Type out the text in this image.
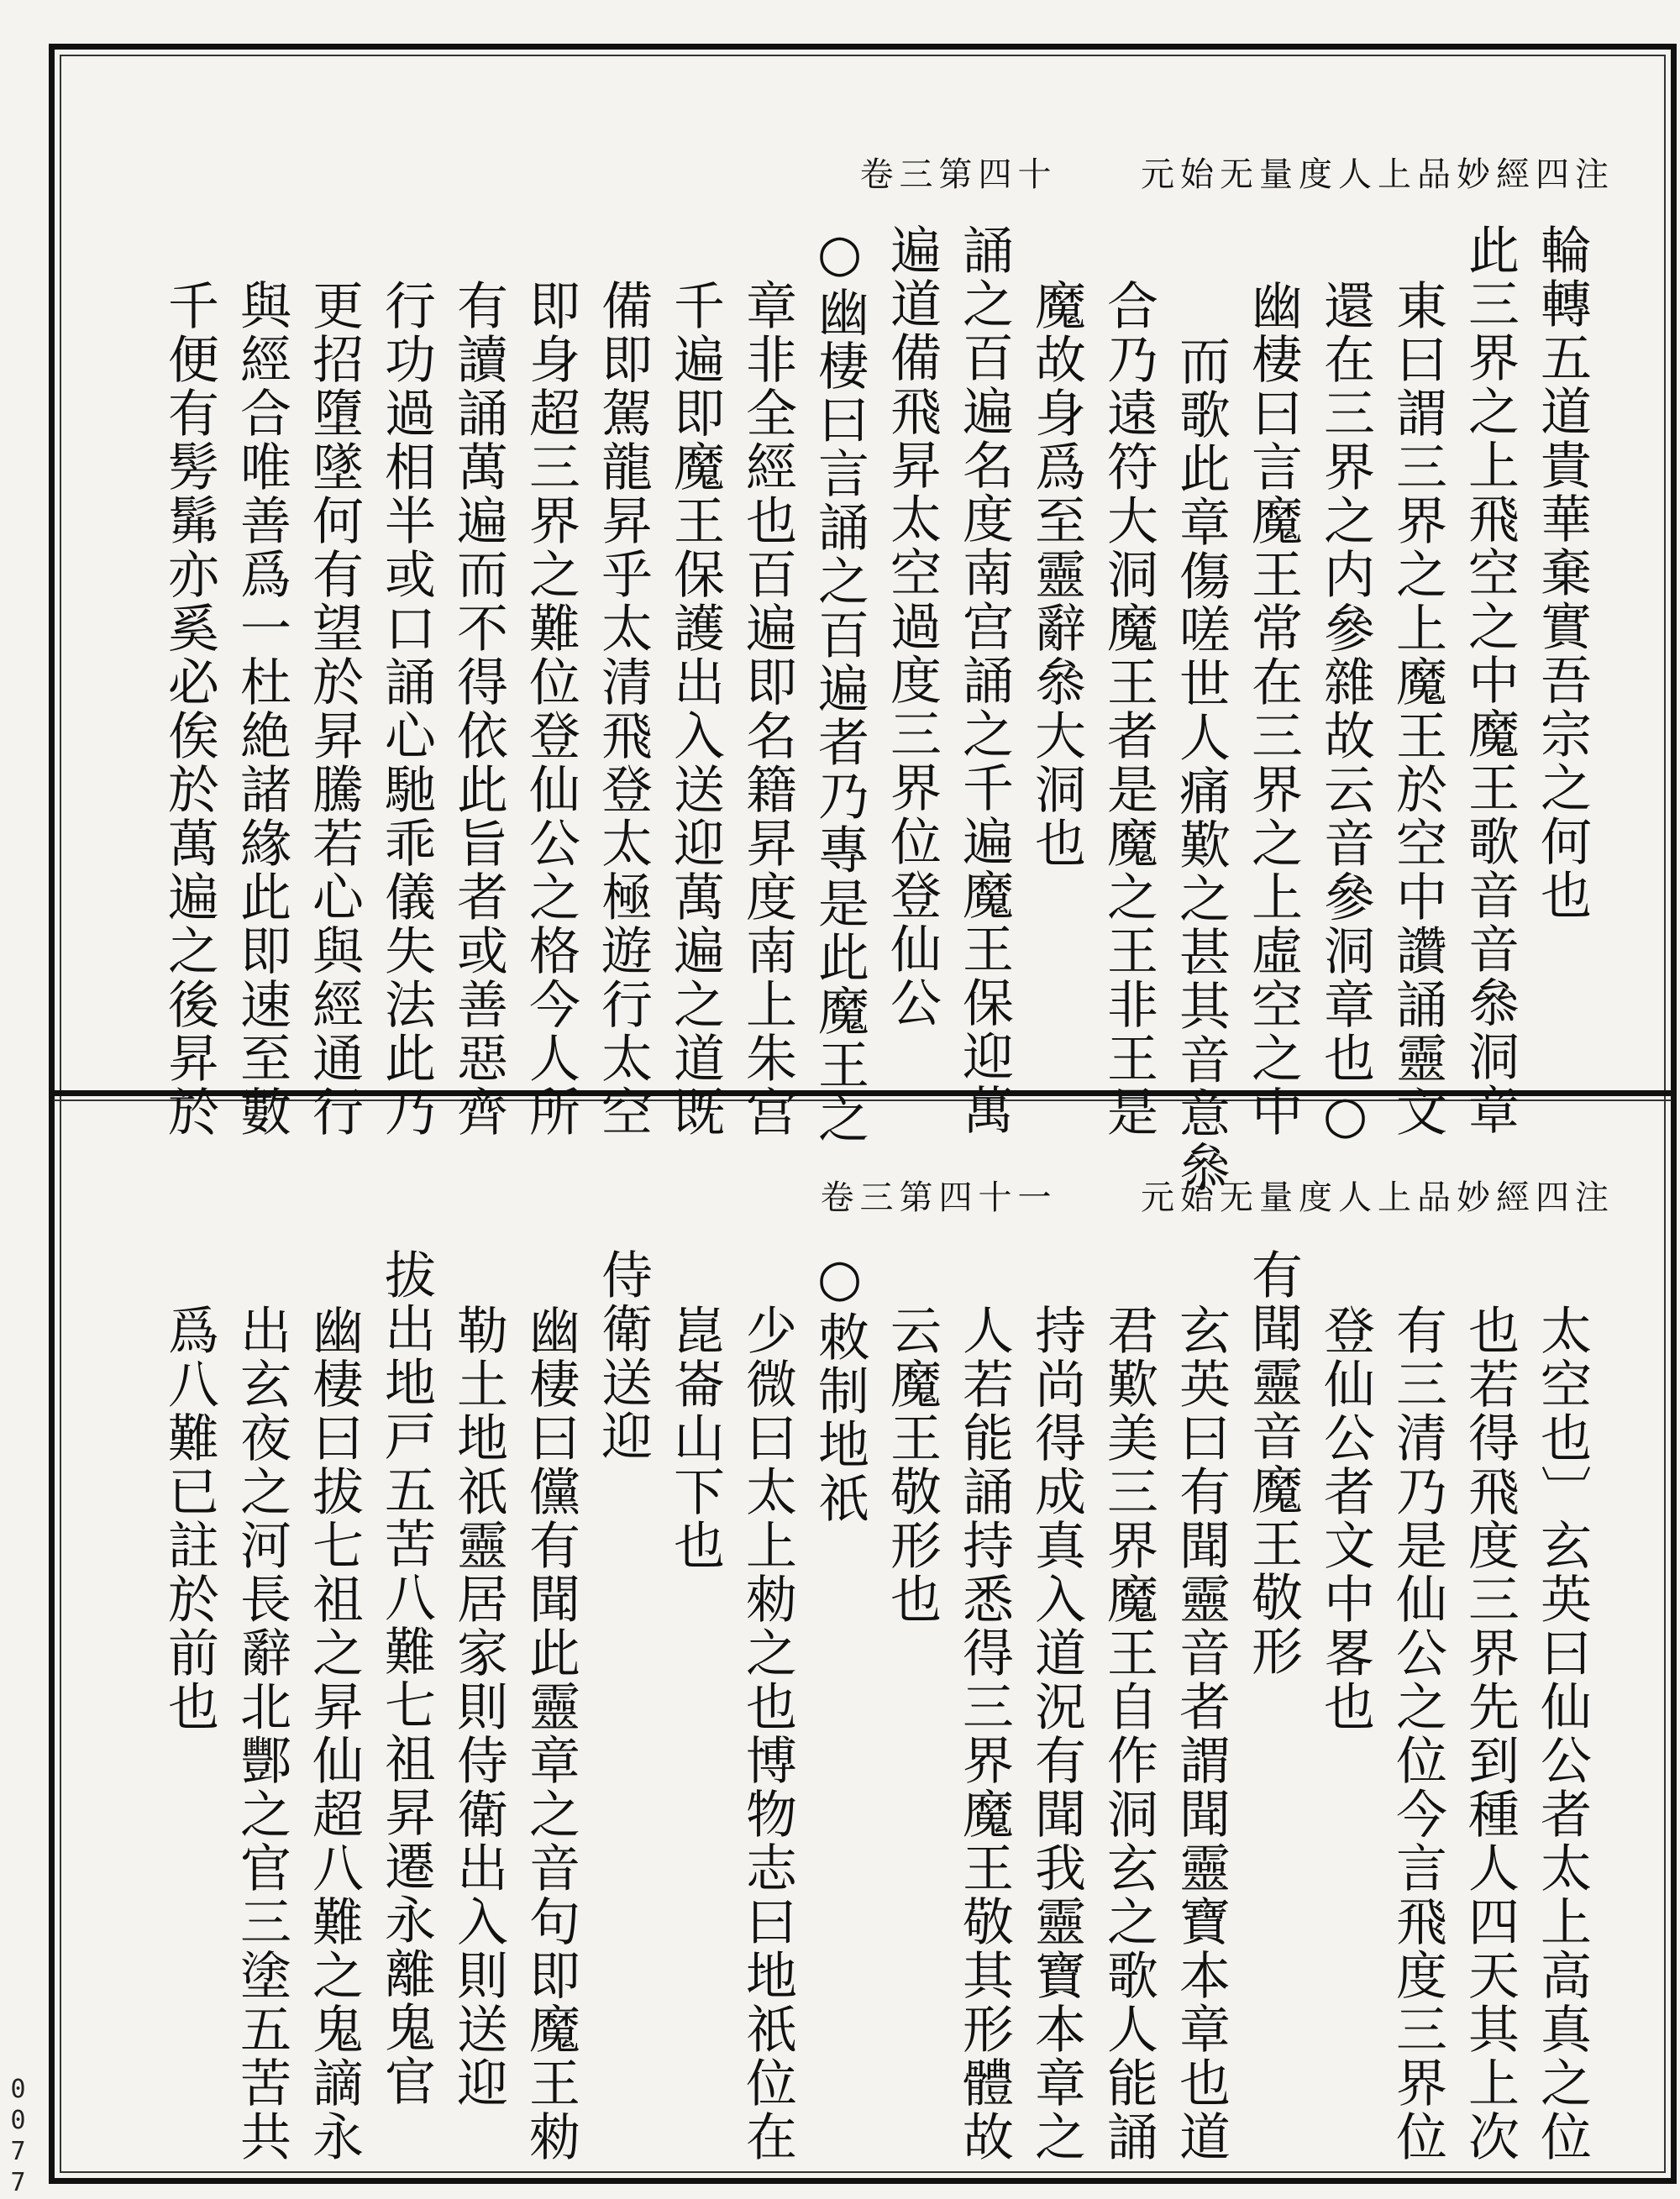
卷三第四十 元始无量度人上品妙經四注
輪轉五道貴華棄實吾宗之何也
此三界之上飛空之中魔王歌音音叅洞章
東曰謂三界之上魔王於空中讚誦靈文
還在三界之内參雜故云音參洞章也○
幽棲曰言魔王常在三界之上虛空之中
而歌此章傷嗟世人痛歎之甚其音意叅
合乃遠符大洞魔王者是魔之王非王是
魔故身爲至靈辭叅大洞也
誦之百遍名度南宫誦之千遍魔王保迎萬
遍道備飛昇太空過度三界位登仙公
○幽棲曰言誦之百遍者乃專是此魔王之
章非全經也百遍即名籍昇度南上朱宫
千遍即魔王保護出入送迎萬遍之道既
備即駕龍昇乎太清飛登太極遊行太空
即身超三界之難位登仙公之格今人所
有讀誦萬遍而不得依此旨者或善惡齊
行功過相半或口誦心馳乖儀失法此乃
更招墮墜何有望於昇騰若心與經通行
與經合唯善爲一杜絶諸緣此即速至數
千便有髣髴亦奚必俟於萬遍之後昇於
卷三第四十一 元始无量度人上品妙經四注
太空也〕玄英曰仙公者太上高真之位
也若得飛度三界先到種人四天其上次
有三清乃是仙公之位今言飛度三界位
登仙公者文中畧也
有聞靈音魔王敬形
玄英曰有聞靈音者謂聞靈寶本章也道
君歎美三界魔王自作洞玄之歌人能誦
持尚得成真入道況有聞我靈寶本章之
人若能誦持悉得三界魔王敬其形體故
云魔王敬形也
○敇制地祇
少微曰太上勑之也博物志曰地祇位在
崑崙山下也
侍衛送迎
幽棲曰儻有聞此靈章之音句即魔王勑
勒土地祇靈居家則侍衛出入則送迎
拔出地戸五苦八難七祖昇遷永離鬼官
幽棲曰拔七祖之昇仙超八難之鬼謫永
出玄夜之河長辭北酆之官三塗五苦共
爲八難已註於前也
0077
